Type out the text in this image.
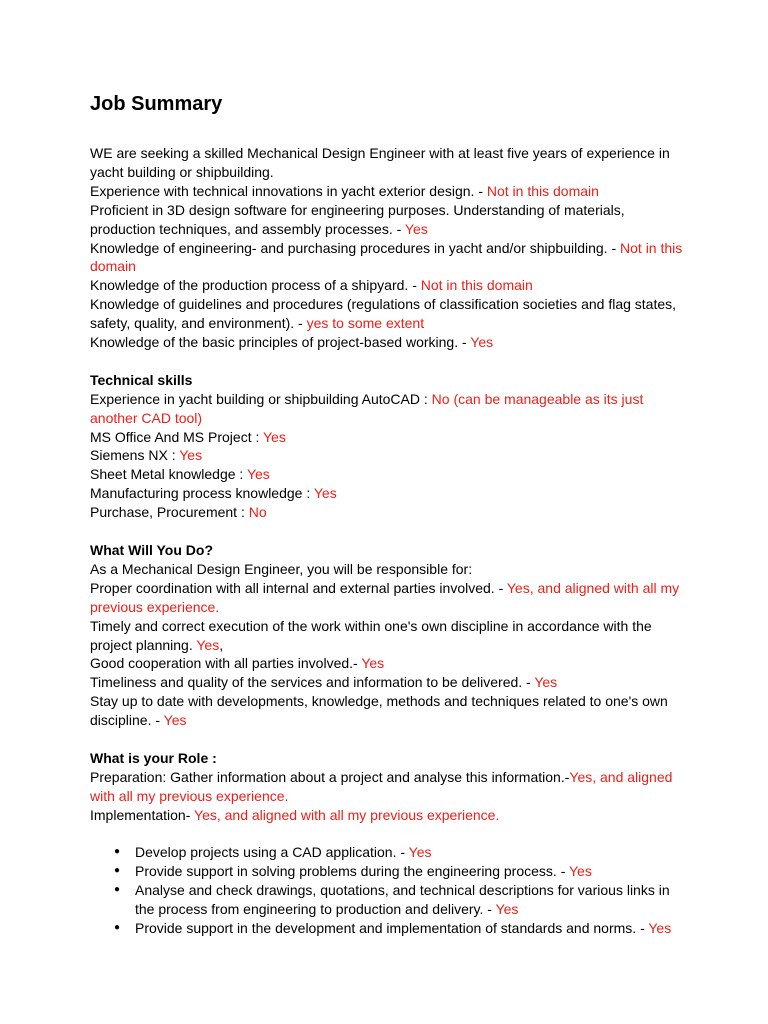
Job Summary

WE are seeking a skilled Mechanical Design Engineer with at least five years of experience in yacht building or shipbuilding.

Experience with technical innovations in yacht exterior design. - Not in this domain

Proficient in 3D design software for engineering purposes. Understanding of materials, production techniques, and assembly processes. - Yes

Knowledge of engineering- and purchasing procedures in yacht and/or shipbuilding. - Not in this domain

Knowledge of the production process of a shipyard. - Not in this domain

Knowledge of guidelines and procedures (regulations of classification societies and flag states, safety, quality, and environment). - yes to some extent

Knowledge of the basic principles of project-based working. - Yes

Technical skills

Experience in yacht building or shipbuilding AutoCAD : No (can be manageable as its just another CAD tool)

MS Office And MS Project : Yes

Siemens NX : Yes

Sheet Metal knowledge : Yes

Manufacturing process knowledge : Yes

Purchase, Procurement : No

What Will You Do?

As a Mechanical Design Engineer, you will be responsible for:

Proper coordination with all internal and external parties involved. - Yes, and aligned with all my previous experience.

Timely and correct execution of the work within one's own discipline in accordance with the project planning. Yes,

Good cooperation with all parties involved.- Yes

Timeliness and quality of the services and information to be delivered. - Yes

Stay up to date with developments, knowledge, methods and techniques related to one's own discipline. - Yes

What is your Role :

Preparation: Gather information about a project and analyse this information.-Yes, and aligned with all my previous experience.

Implementation- Yes, and aligned with all my previous experience.

● Develop projects using a CAD application. - Yes
● Provide support in solving problems during the engineering process. - Yes
● Analyse and check drawings, quotations, and technical descriptions for various links in the process from engineering to production and delivery. - Yes
● Provide support in the development and implementation of standards and norms. - Yes
